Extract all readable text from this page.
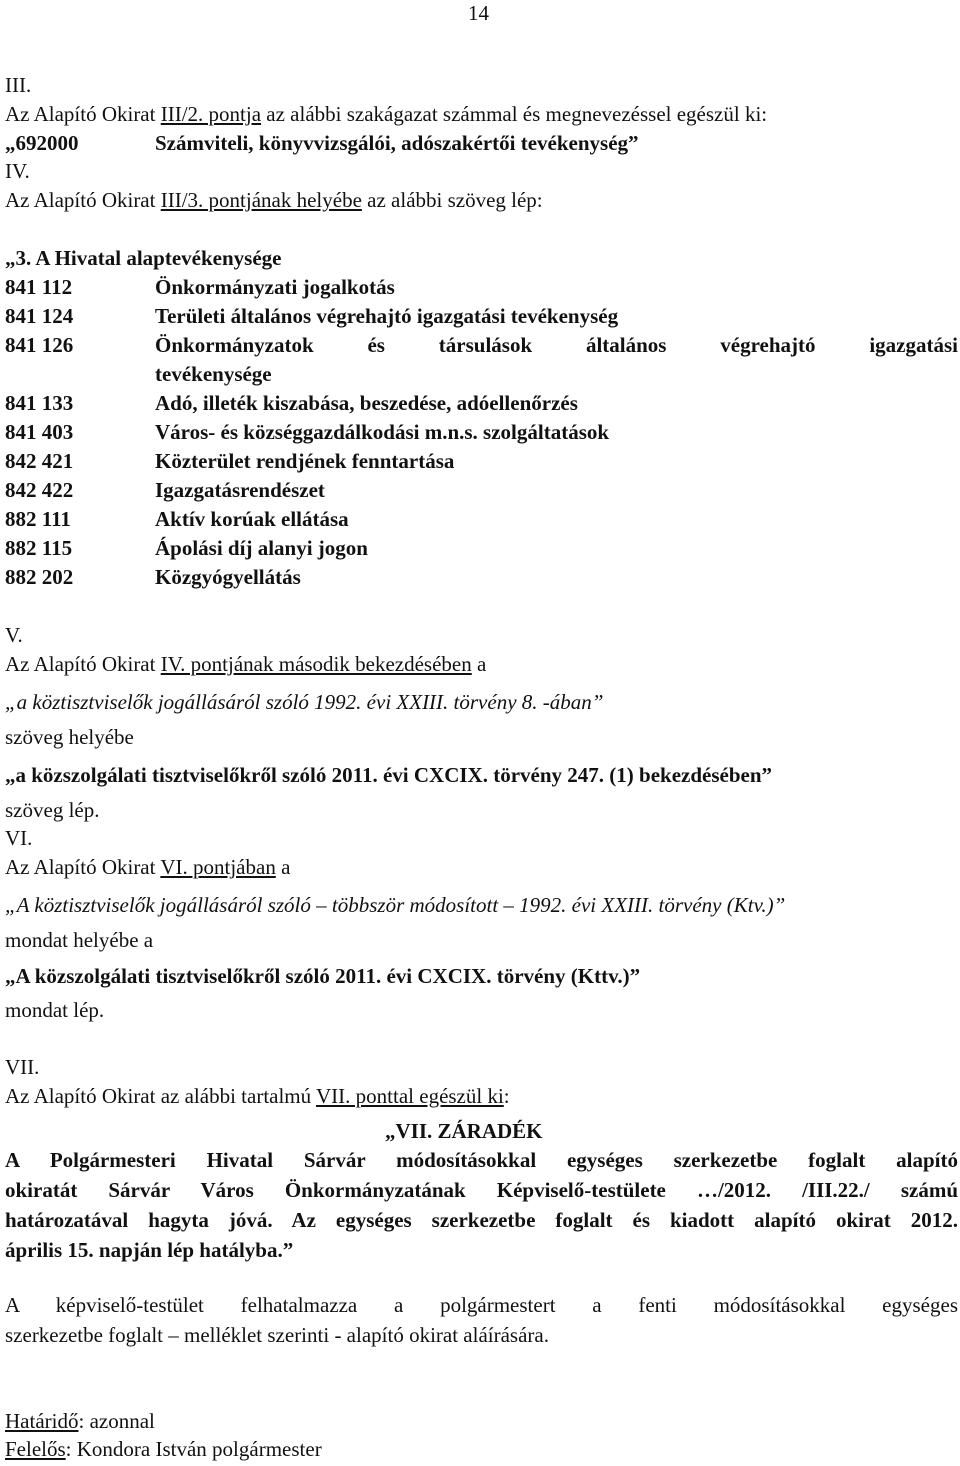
14
III.
Az Alapító Okirat III/2. pontja az alábbi szakágazat számmal és megnevezéssel egészül ki:
„692000	Számviteli, könyvvizsgálói, adószakértői tevékenység”
IV.
Az Alapító Okirat III/3. pontjának helyébe az alábbi szöveg lép:
„3. A Hivatal alaptevékenysége
841 112	Önkormányzati jogalkotás
841 124	Területi általános végrehajtó igazgatási tevékenység
841 126	Önkormányzatok és társulások általános végrehajtó igazgatási
tevékenysége
841 133	Adó, illeték kiszabása, beszedése, adóellenőrzés
841 403	Város- és községgazdálkodási m.n.s. szolgáltatások
842 421	Közterület rendjének fenntartása
842 422	Igazgatásrendészet
882 111	Aktív korúak ellátása
882 115	Ápolási díj alanyi jogon
882 202	Közgyógyellátás
V.
Az Alapító Okirat IV. pontjának második bekezdésében a
„a köztisztviselők jogállásáról szóló 1992. évi XXIII. törvény 8. -ában”
szöveg helyébe
„a közszolgálati tisztviselőkről szóló 2011. évi CXCIX. törvény 247. (1) bekezdésében”
szöveg lép.
VI.
Az Alapító Okirat VI. pontjában a
„A köztisztviselők jogállásáról szóló – többször módosított – 1992. évi XXIII. törvény (Ktv.)”
mondat helyébe a
„A közszolgálati tisztviselőkről szóló 2011. évi CXCIX. törvény (Kttv.)”
mondat lép.
VII.
Az Alapító Okirat az alábbi tartalmú VII. ponttal egészül ki:
„VII. ZÁRADÉK
A Polgármesteri Hivatal Sárvár módosításokkal egységes szerkezetbe foglalt alapító
okiratát Sárvár Város Önkormányzatának Képviselő-testülete …/2012. /III.22./ számú
határozatával hagyta jóvá. Az egységes szerkezetbe foglalt és kiadott alapító okirat 2012.
április 15. napján lép hatályba.”
A képviselő-testület felhatalmazza a polgármestert a fenti módosításokkal egységes
szerkezetbe foglalt – melléklet szerinti - alapító okirat aláírására.
Határidő: azonnal
Felelős: Kondora István polgármester
